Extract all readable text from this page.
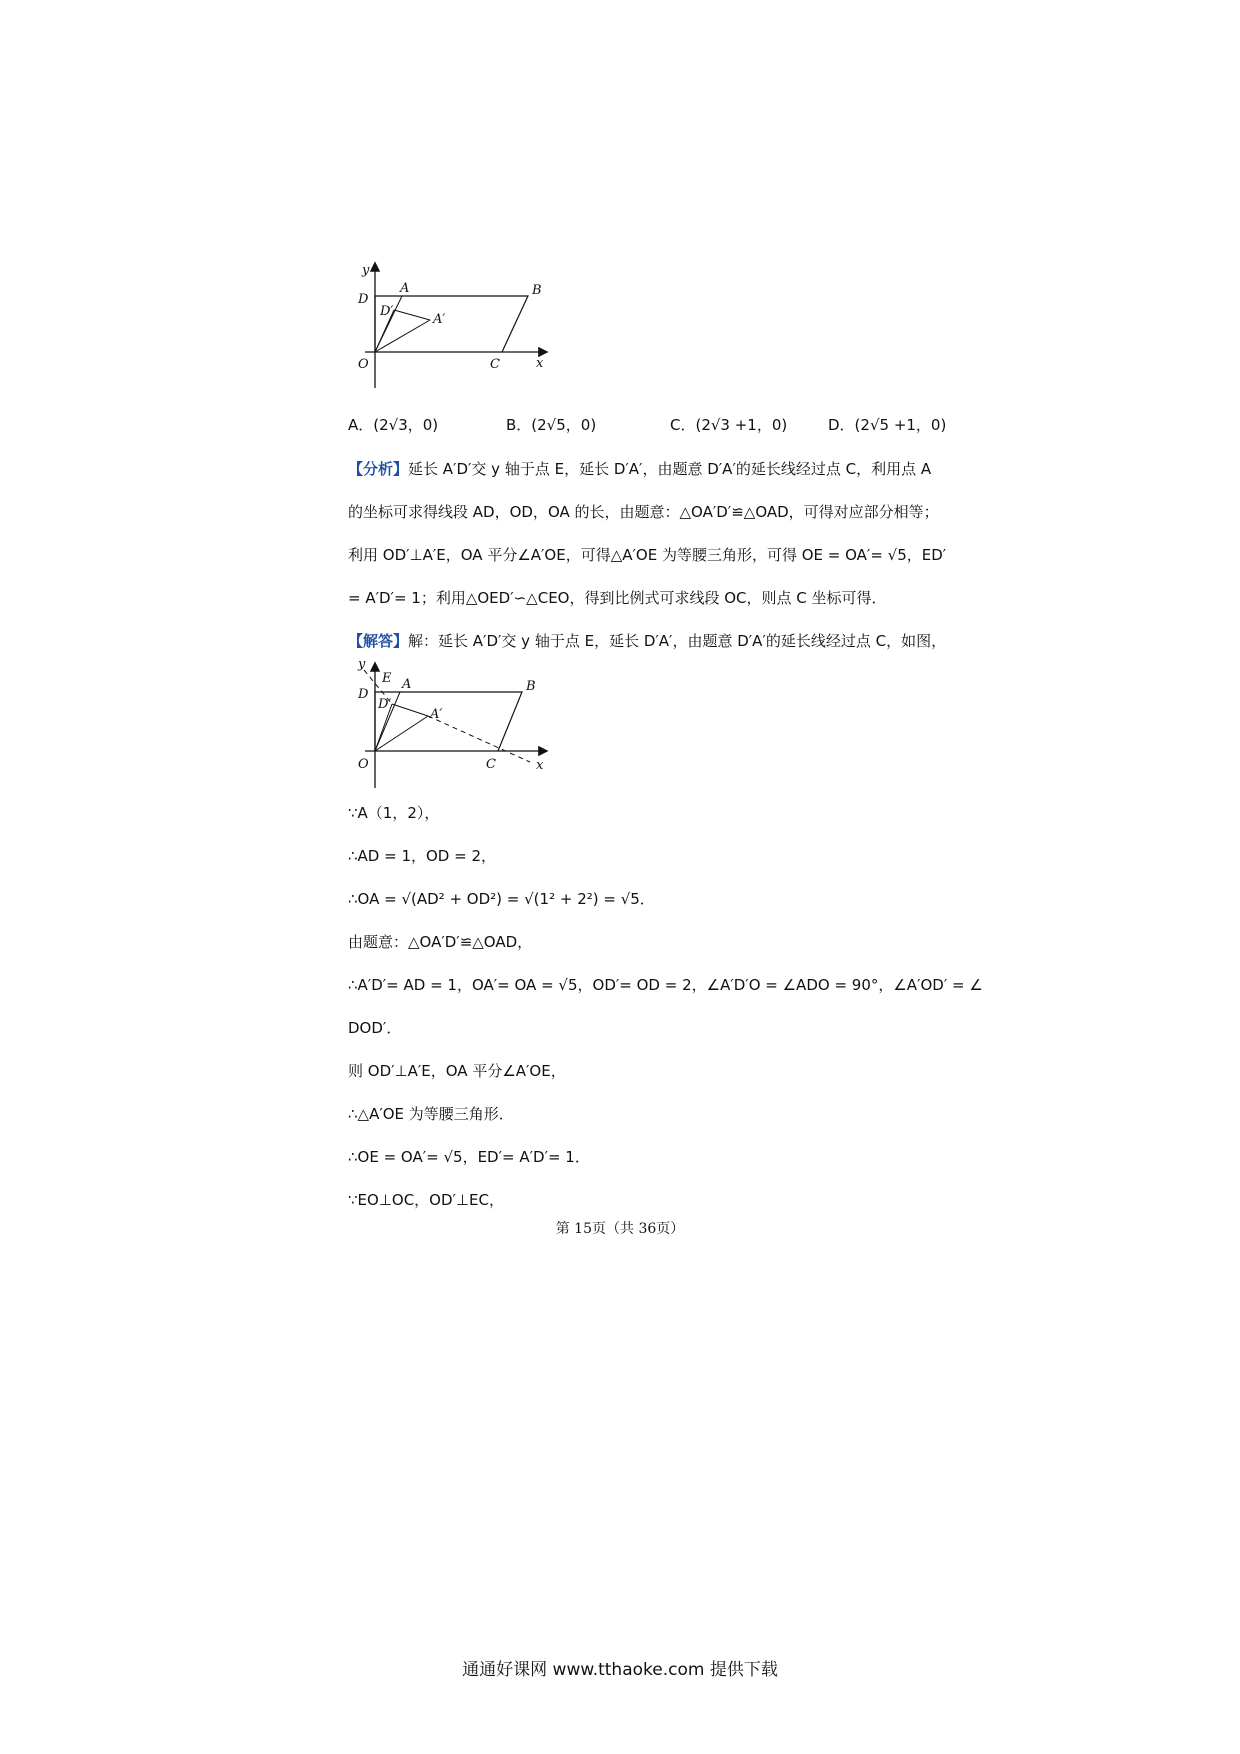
y
D
A
D′
A′
B
O	C	x
A．(2√3，0)	B．(2√5，0)	C．(2√3 +1，0)	D．(2√5 +1，0)
【分析】延长 A′D′交 y 轴于点 E，延长 D′A′，由题意 D′A′的延长线经过点 C，利用点 A
的坐标可求得线段 AD，OD，OA 的长，由题意：△OA′D′≌△OAD，可得对应部分相等；
利用 OD′⊥A′E，OA 平分∠A′OE，可得△A′OE 为等腰三角形，可得 OE = OA′= √5，ED′
= A′D′= 1；利用△OED′∽△CEO，得到比例式可求线段 OC，则点 C 坐标可得．
【解答】解：延长 A′D′交 y 轴于点 E，延长 D′A′，由题意 D′A′的延长线经过点 C，如图，
y
E A
D
D′
A′
B
O	C	x
∵A（1，2），
∴AD = 1，OD = 2，
∴OA = √(AD² + OD²) = √(1² + 2²) = √5．
由题意：△OA′D′≌△OAD，
∴A′D′= AD = 1，OA′= OA = √5，OD′= OD = 2，∠A′D′O = ∠ADO = 90°，∠A′OD′ = ∠
DOD′．
则 OD′⊥A′E，OA 平分∠A′OE，
∴△A′OE 为等腰三角形．
∴OE = OA′= √5，ED′= A′D′= 1．
∵EO⊥OC，OD′⊥EC，
第 15页（共 36页）
通通好课网 www.tthaoke.com 提供下载
